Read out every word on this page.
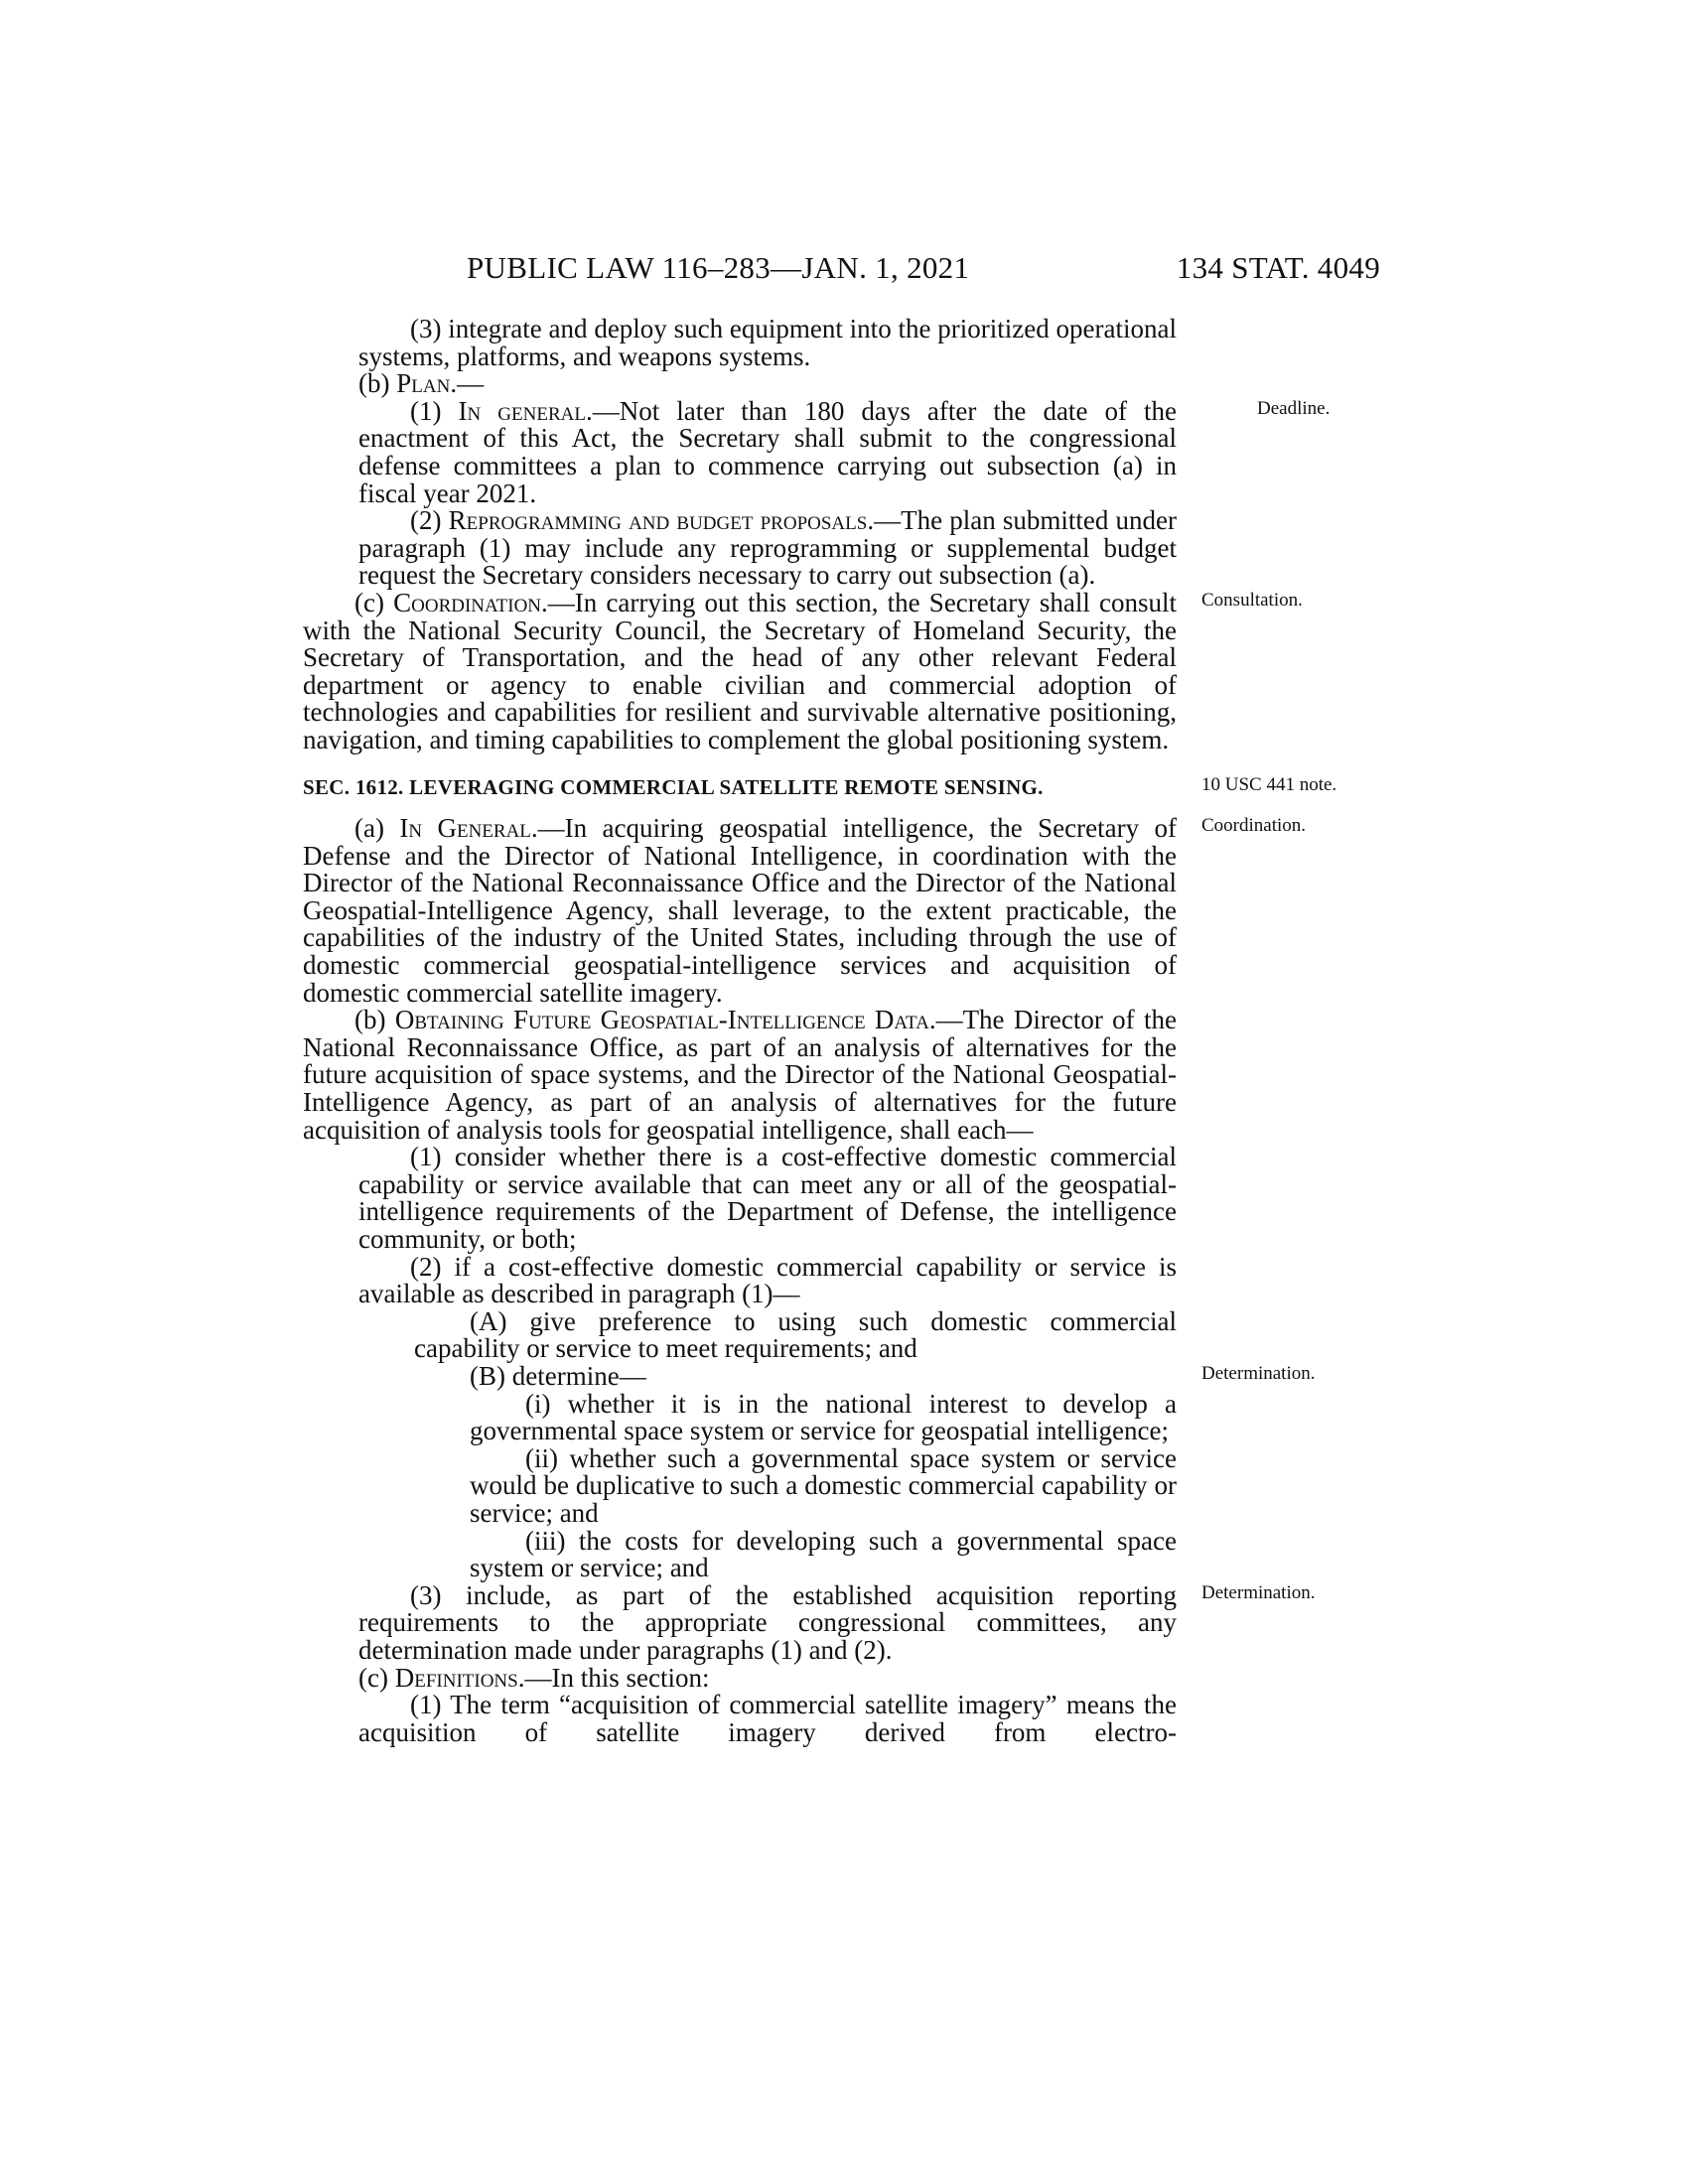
PUBLIC LAW 116–283—JAN. 1, 2021	134 STAT. 4049

(3) integrate and deploy such equipment into the prioritized operational systems, platforms, and weapons systems.

(b) Plan.—

Deadline.
(1) In general.—Not later than 180 days after the date of the enactment of this Act, the Secretary shall submit to the congressional defense committees a plan to commence carrying out subsection (a) in fiscal year 2021.

(2) Reprogramming and budget proposals.—The plan submitted under paragraph (1) may include any reprogramming or supplemental budget request the Secretary considers necessary to carry out subsection (a).

Consultation.
(c) Coordination.—In carrying out this section, the Secretary shall consult with the National Security Council, the Secretary of Homeland Security, the Secretary of Transportation, and the head of any other relevant Federal department or agency to enable civilian and commercial adoption of technologies and capabilities for resilient and survivable alternative positioning, navigation, and timing capabilities to complement the global positioning system.

10 USC 441 note.
SEC. 1612. LEVERAGING COMMERCIAL SATELLITE REMOTE SENSING.

Coordination.
(a) In General.—In acquiring geospatial intelligence, the Secretary of Defense and the Director of National Intelligence, in coordination with the Director of the National Reconnaissance Office and the Director of the National Geospatial-Intelligence Agency, shall leverage, to the extent practicable, the capabilities of the industry of the United States, including through the use of domestic commercial geospatial-intelligence services and acquisition of domestic commercial satellite imagery.

(b) Obtaining Future Geospatial-Intelligence Data.—The Director of the National Reconnaissance Office, as part of an analysis of alternatives for the future acquisition of space systems, and the Director of the National Geospatial-Intelligence Agency, as part of an analysis of alternatives for the future acquisition of analysis tools for geospatial intelligence, shall each—

(1) consider whether there is a cost-effective domestic commercial capability or service available that can meet any or all of the geospatial-intelligence requirements of the Department of Defense, the intelligence community, or both;

(2) if a cost-effective domestic commercial capability or service is available as described in paragraph (1)—

(A) give preference to using such domestic commercial capability or service to meet requirements; and

Determination.
(B) determine—

(i) whether it is in the national interest to develop a governmental space system or service for geospatial intelligence;

(ii) whether such a governmental space system or service would be duplicative to such a domestic commercial capability or service; and

(iii) the costs for developing such a governmental space system or service; and

Determination.
(3) include, as part of the established acquisition reporting requirements to the appropriate congressional committees, any determination made under paragraphs (1) and (2).

(c) Definitions.—In this section:

(1) The term “acquisition of commercial satellite imagery” means the acquisition of satellite imagery derived from electro-
